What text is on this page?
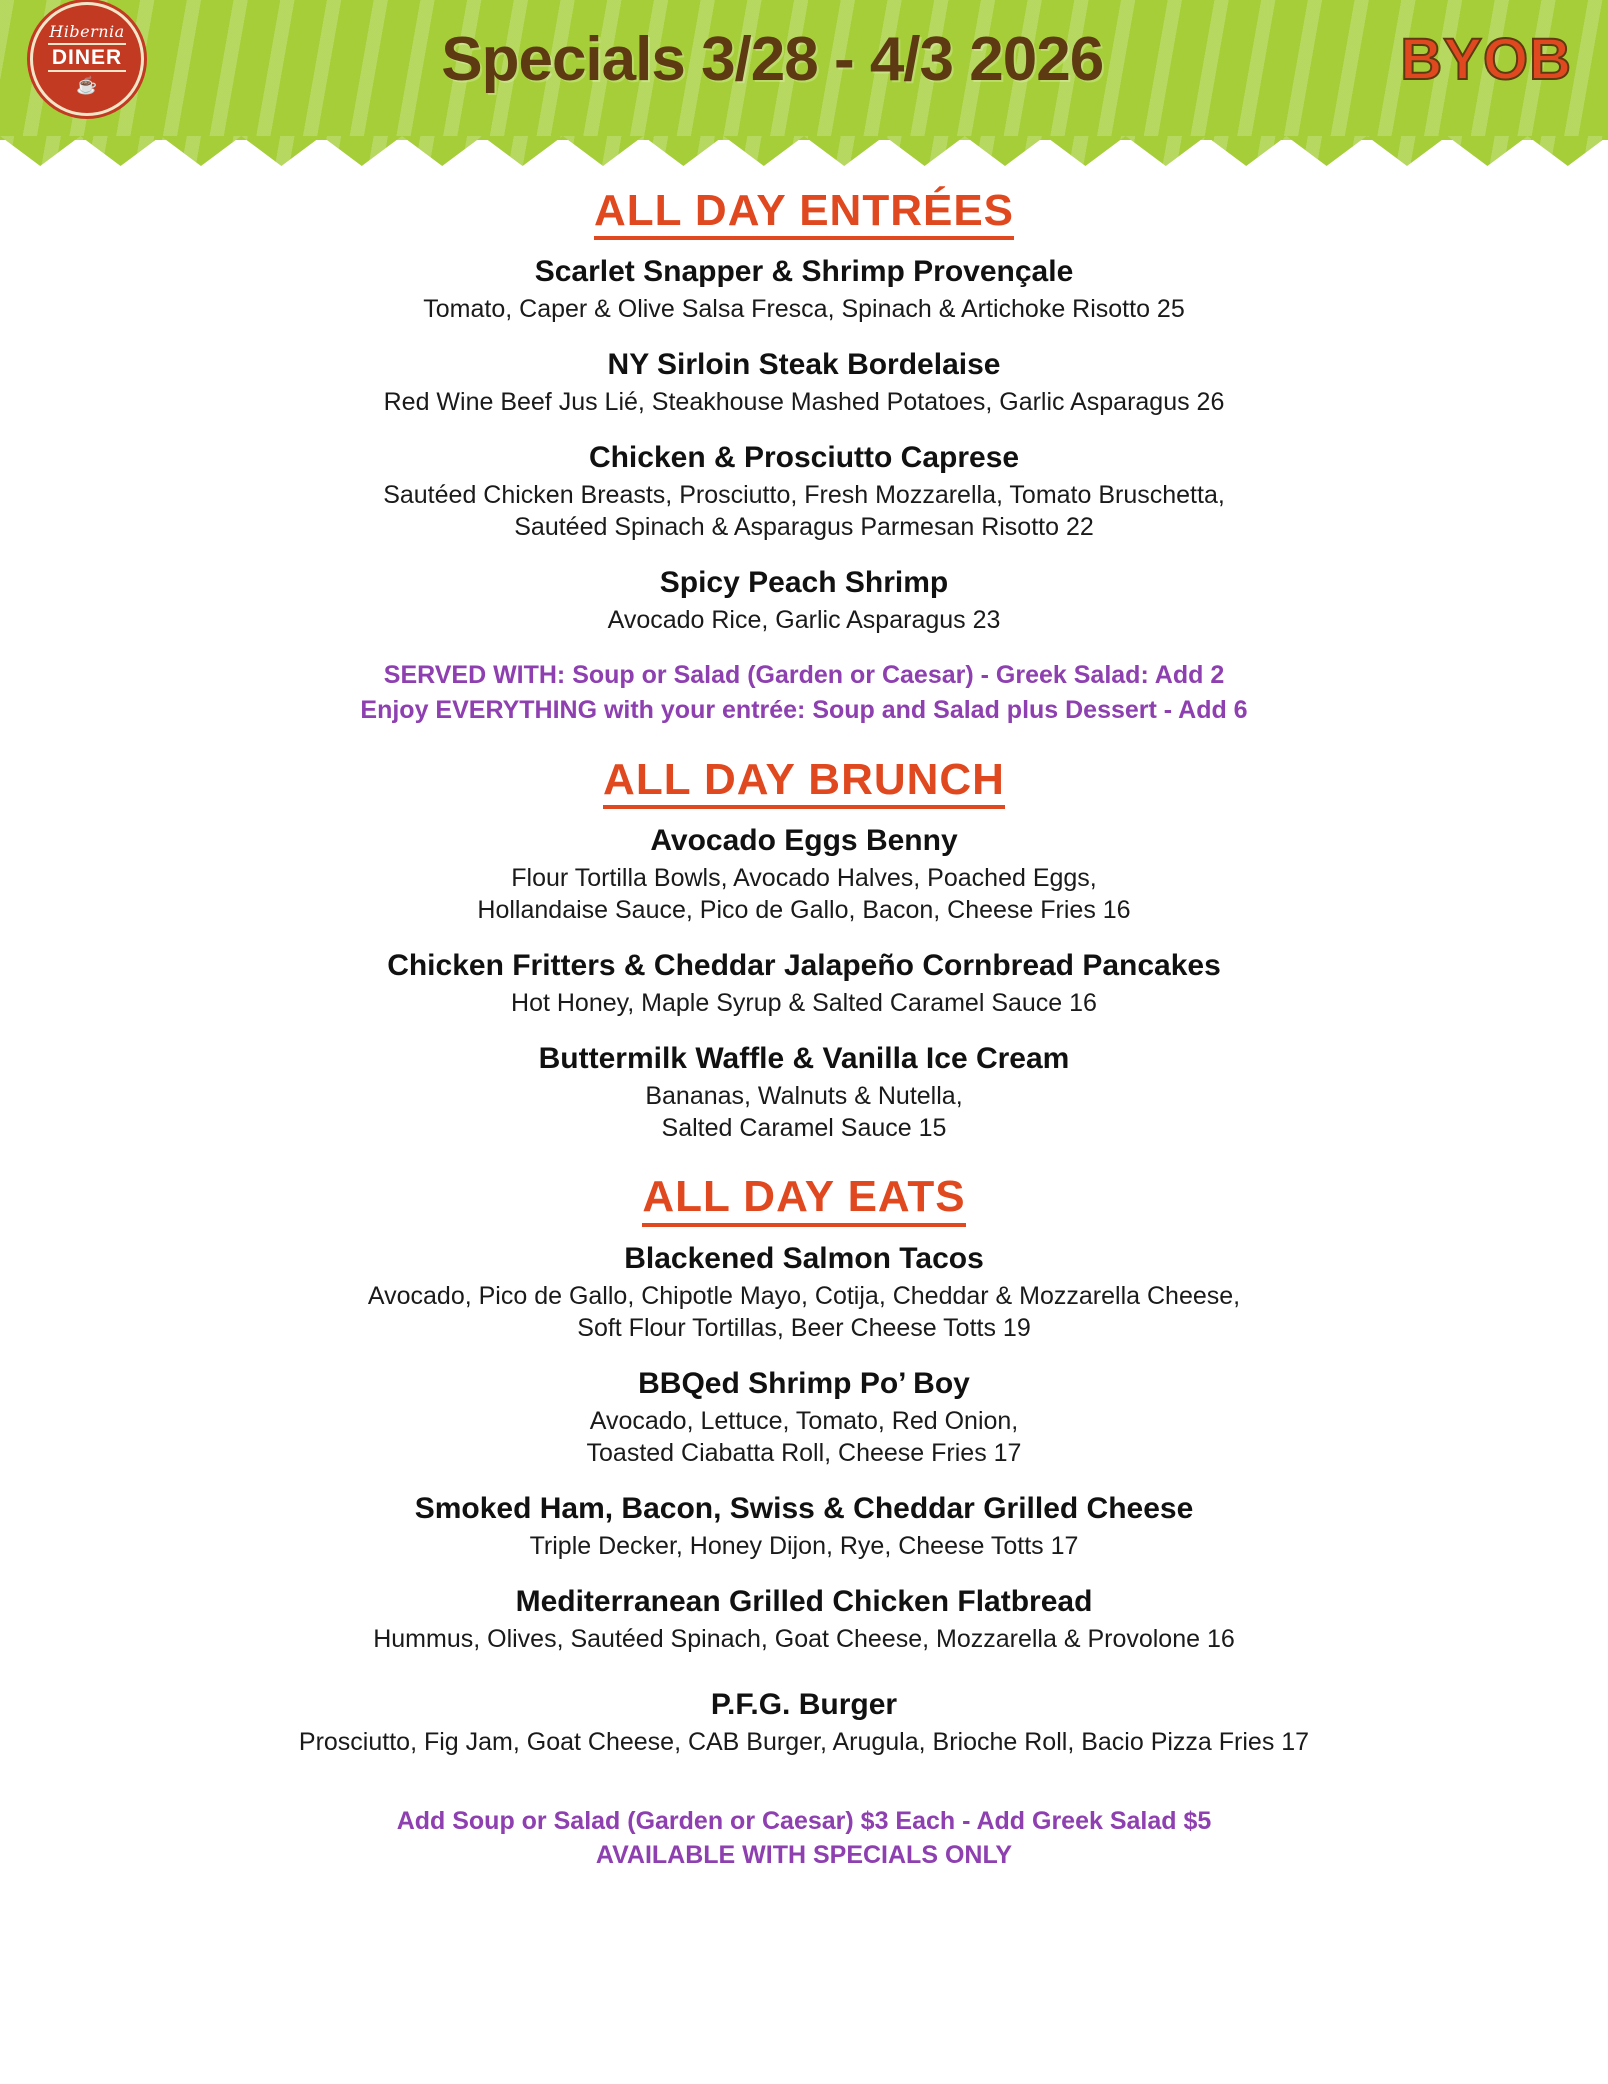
Hibernia
DINER
☕	Specials 3/28 - 4/3 2026	BYOB
ALL DAY ENTRÉES
Scarlet Snapper & Shrimp Provençale
Tomato, Caper & Olive Salsa Fresca, Spinach & Artichoke Risotto 25
NY Sirloin Steak Bordelaise
Red Wine Beef Jus Lié, Steakhouse Mashed Potatoes, Garlic Asparagus 26
Chicken & Prosciutto Caprese
Sautéed Chicken Breasts, Prosciutto, Fresh Mozzarella, Tomato Bruschetta,
Sautéed Spinach & Asparagus Parmesan Risotto 22
Spicy Peach Shrimp
Avocado Rice, Garlic Asparagus 23
SERVED WITH: Soup or Salad (Garden or Caesar) - Greek Salad: Add 2
Enjoy EVERYTHING with your entrée: Soup and Salad plus Dessert - Add 6
ALL DAY BRUNCH
Avocado Eggs Benny
Flour Tortilla Bowls, Avocado Halves, Poached Eggs,
Hollandaise Sauce, Pico de Gallo, Bacon, Cheese Fries 16
Chicken Fritters & Cheddar Jalapeño Cornbread Pancakes
Hot Honey, Maple Syrup & Salted Caramel Sauce 16
Buttermilk Waffle & Vanilla Ice Cream
Bananas, Walnuts & Nutella,
Salted Caramel Sauce 15
ALL DAY EATS
Blackened Salmon Tacos
Avocado, Pico de Gallo, Chipotle Mayo, Cotija, Cheddar & Mozzarella Cheese,
Soft Flour Tortillas, Beer Cheese Totts 19
BBQed Shrimp Po’ Boy
Avocado, Lettuce, Tomato, Red Onion,
Toasted Ciabatta Roll, Cheese Fries 17
Smoked Ham, Bacon, Swiss & Cheddar Grilled Cheese
Triple Decker, Honey Dijon, Rye, Cheese Totts 17
Mediterranean Grilled Chicken Flatbread
Hummus, Olives, Sautéed Spinach, Goat Cheese, Mozzarella & Provolone 16
P.F.G. Burger
Prosciutto, Fig Jam, Goat Cheese, CAB Burger, Arugula, Brioche Roll, Bacio Pizza Fries 17
Add Soup or Salad (Garden or Caesar) $3 Each - Add Greek Salad $5
AVAILABLE WITH SPECIALS ONLY
